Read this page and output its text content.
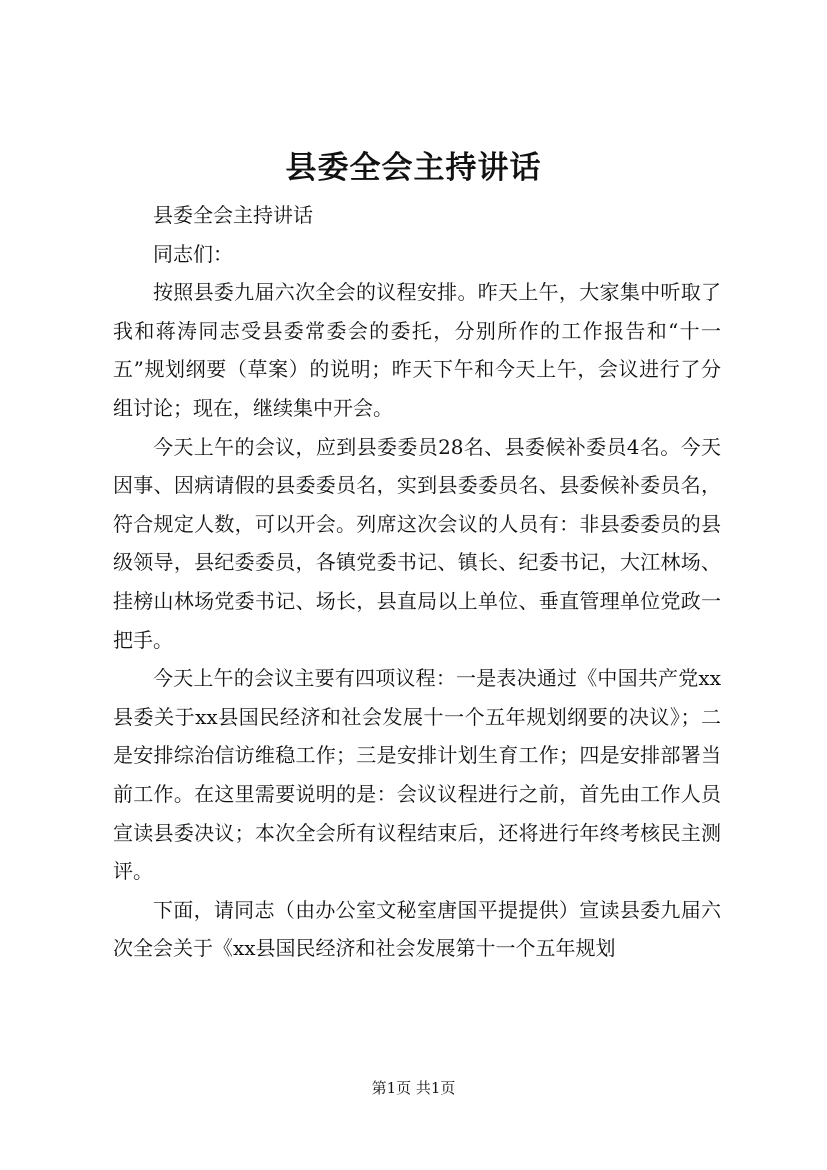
县委全会主持讲话

县委全会主持讲话

同志们：

按照县委九届六次全会的议程安排。昨天上午，大家集中听取了我和蒋涛同志受县委常委会的委托，分别所作的工作报告和“十一五”规划纲要（草案）的说明；昨天下午和今天上午，会议进行了分组讨论；现在，继续集中开会。

今天上午的会议，应到县委委员28名、县委候补委员4名。今天因事、因病请假的县委委员名，实到县委委员名、县委候补委员名，符合规定人数，可以开会。列席这次会议的人员有：非县委委员的县级领导，县纪委委员，各镇党委书记、镇长、纪委书记，大江林场、挂榜山林场党委书记、场长，县直局以上单位、垂直管理单位党政一把手。

今天上午的会议主要有四项议程：一是表决通过《中国共产党xx县委关于xx县国民经济和社会发展十一个五年规划纲要的决议》；二是安排综治信访维稳工作；三是安排计划生育工作；四是安排部署当前工作。在这里需要说明的是：会议议程进行之前，首先由工作人员宣读县委决议；本次全会所有议程结束后，还将进行年终考核民主测评。

下面，请同志（由办公室文秘室唐国平提提供）宣读县委九届六次全会关于《xx县国民经济和社会发展第十一个五年规划

第1页 共1页
